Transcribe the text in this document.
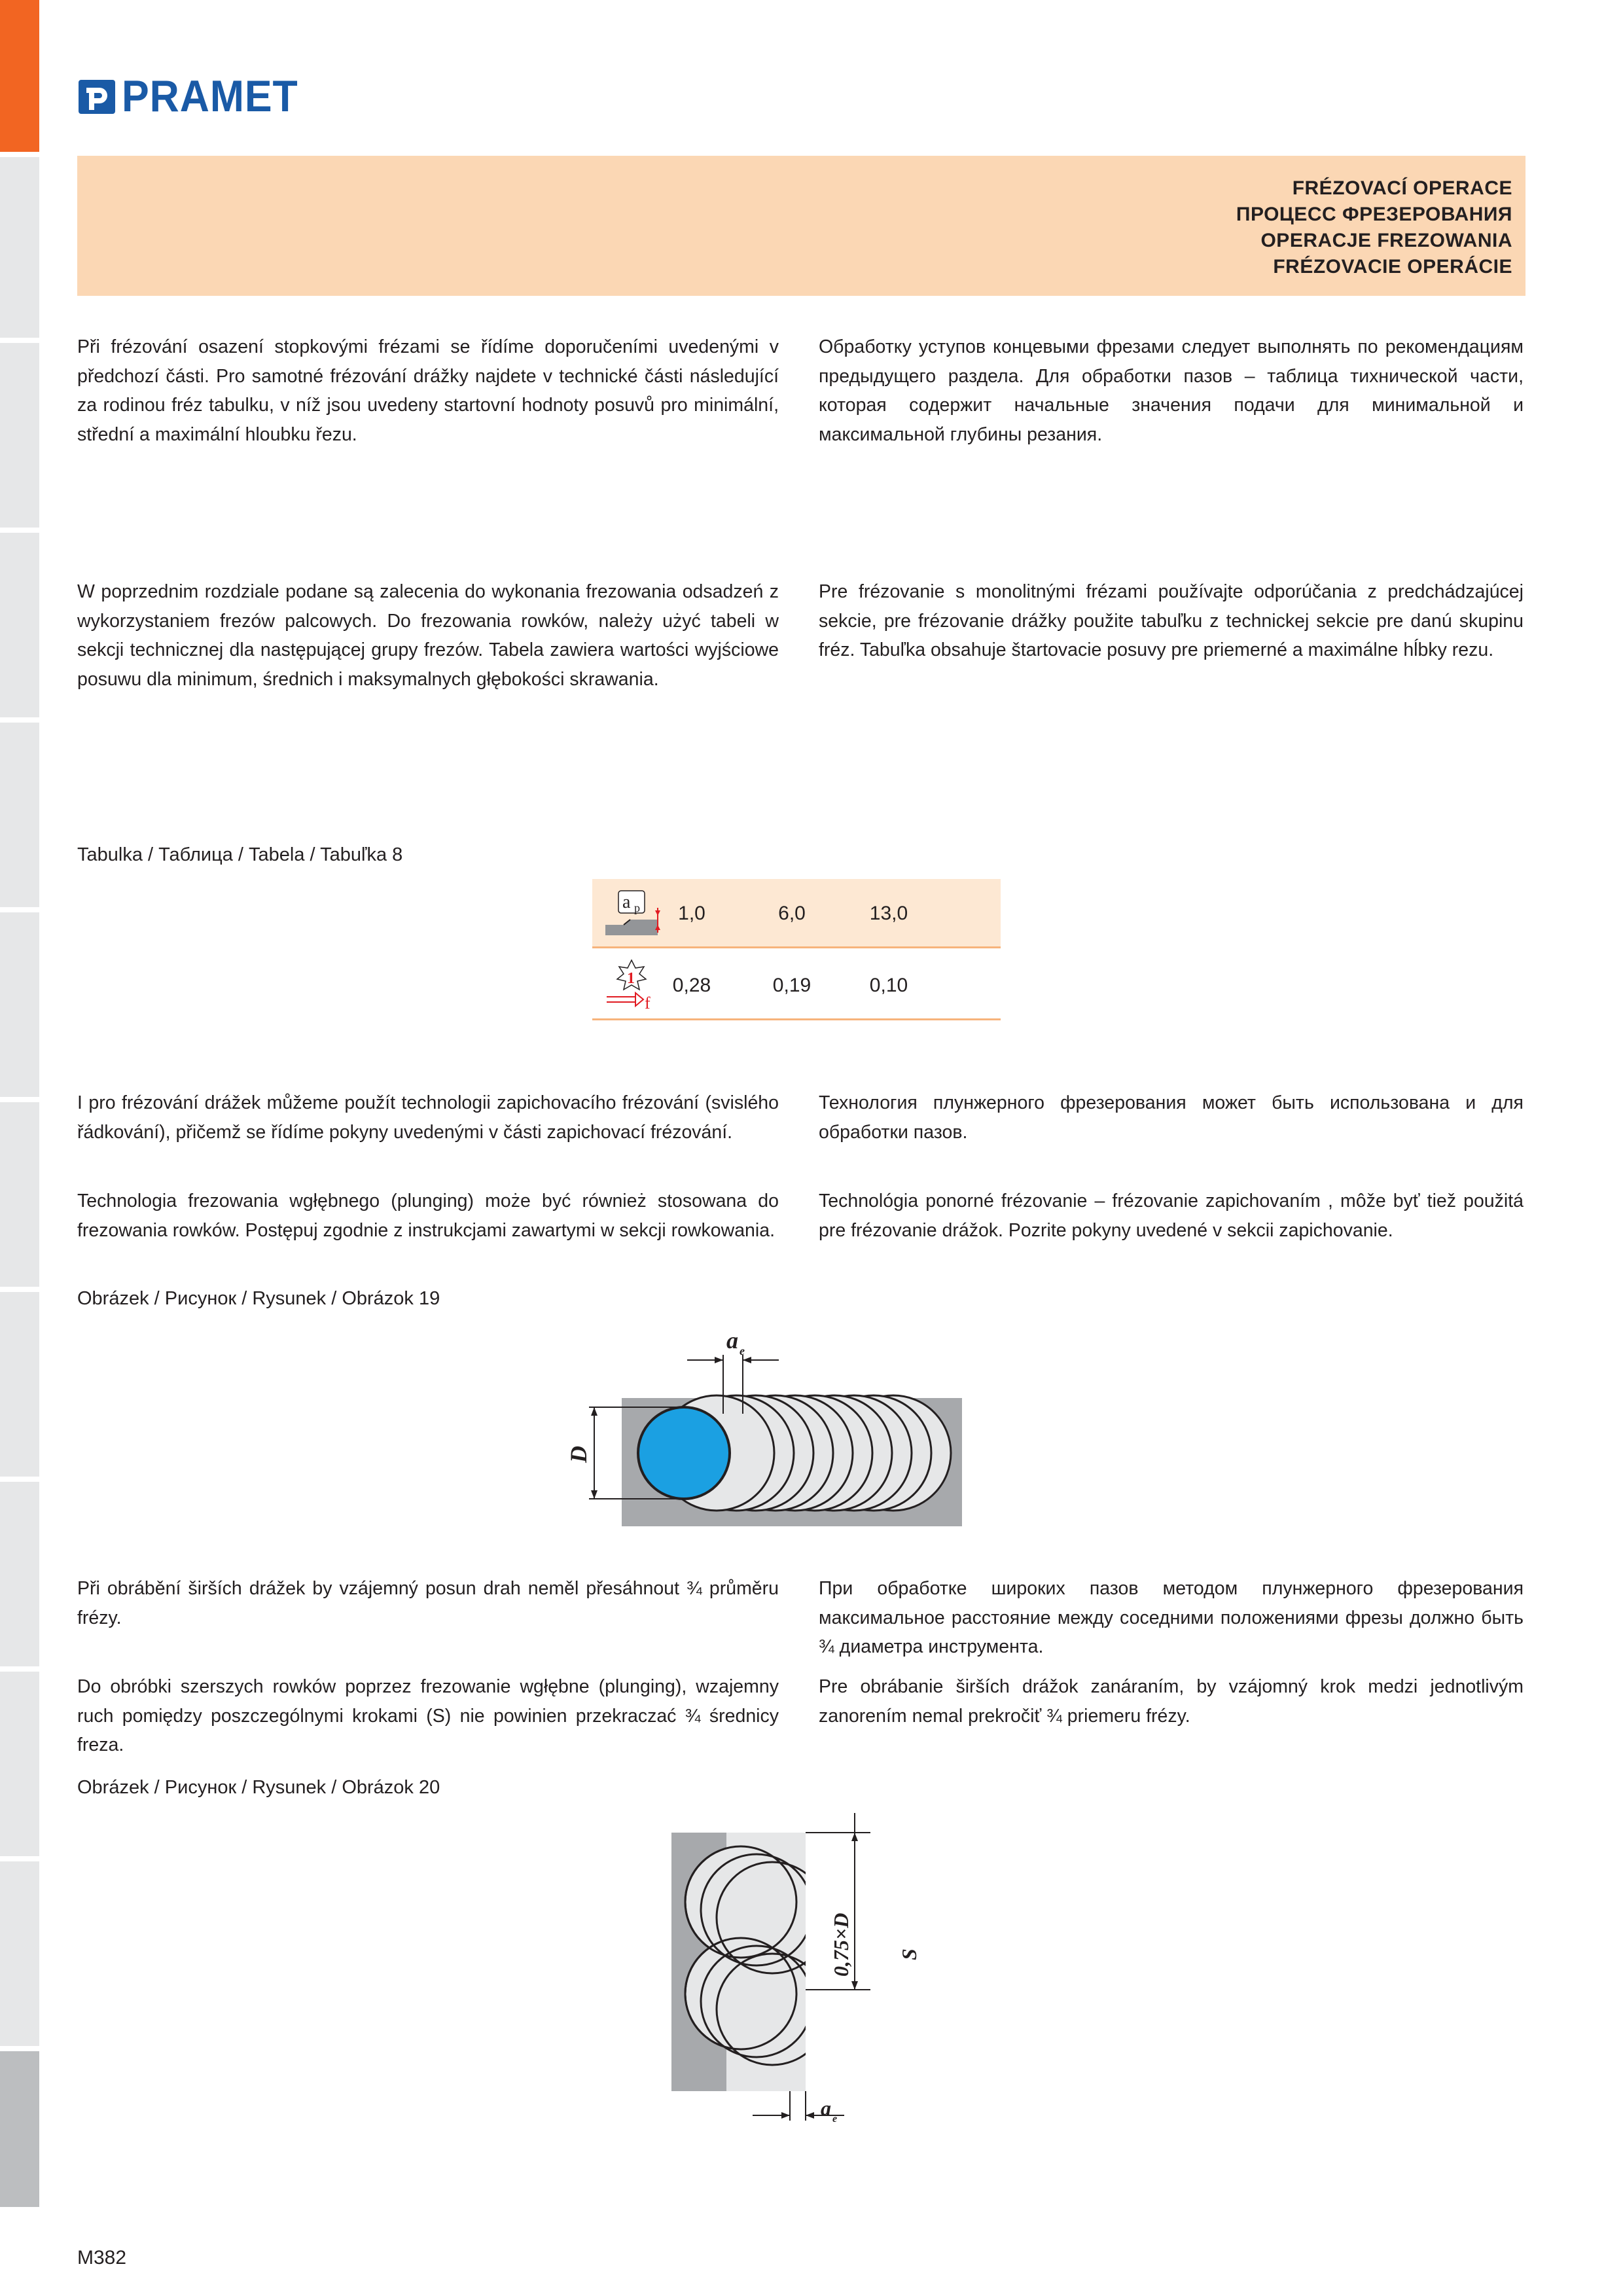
PRAMET
FRÉZOVACÍ OPERACE
ПРОЦЕСС ФРЕЗЕРОВАНИЯ
OPERACJE FREZOWANIA
FRÉZOVACIE OPERÁCIE

Při frézování osazení stopkovými frézami se řídíme doporučeními uvedenými v předchozí části. Pro samotné frézování drážky najdete v technické části následující za rodinou fréz tabulku, v níž jsou uvedeny startovní hodnoty posuvů pro minimální, střední a maximální hloubku řezu.

Обработку уступов концевыми фрезами следует выполнять по рекомендациям предыдущего раздела. Для обработки пазов – таблица тихнической части, которая содержит начальные значения подачи для минимальной и максимальной глубины резания.

W poprzednim rozdziale podane są zalecenia do wykonania frezowania odsadzeń z wykorzystaniem frezów palcowych. Do frezowania rowków, należy użyć tabeli w sekcji technicznej dla następującej grupy frezów. Tabela zawiera wartości wyjściowe posuwu dla minimum, średnich i maksymalnych głębokości skrawania.

Pre frézovanie s monolitnými frézami používajte odporúčania z predchádzajúcej sekcie, pre frézovanie drážky použite tabuľku z technickej sekcie pre danú skupinu fréz. Tabuľka obsahuje štartovacie posuvy pre priemerné a maximálne hĺbky rezu.

Tabulka / Таблица / Tabela / Tabuľka 8
a p	1,0	6,0	13,0
1
f
0,28	0,19	0,10

I pro frézování drážek můžeme použít technologii zapichovacího frézování (svislého řádkování), přičemž se řídíme pokyny uvedenými v části zapichovací frézování.

Технология плунжерного фрезерования может быть использована и для обработки пазов.

Technologia frezowania wgłębnego (plunging) może być również stosowana do frezowania rowków. Postępuj zgodnie z instrukcjami zawartymi w sekcji rowkowania.

Technológia ponorné frézovanie – frézovanie zapichovaním , môže byť tiež použitá pre frézovanie drážok. Pozrite pokyny uvedené v sekcii zapichovanie.

Obrázek / Рисунок / Rysunek / Obrázok 19
a e
D

Při obrábění širších drážek by vzájemný posun drah neměl přesáhnout ¾ průměru frézy.

При обработке широких пазов методом плунжерного фрезерования максимальное расстояние между соседними положениями фрезы должно быть ¾ диаметра инструмента.

Do obróbki szerszych rowków poprzez frezowanie wgłębne (plunging), wzajemny ruch pomiędzy poszczególnymi krokami (S) nie powinien przekraczać ¾ średnicy freza.

Pre obrábanie širších drážok zanáraním, by vzájomný krok medzi jednotlivým zanorením nemal prekročiť ¾ priemeru frézy.

Obrázek / Рисунок / Rysunek / Obrázok 20
0,75×D S
a e
M382
